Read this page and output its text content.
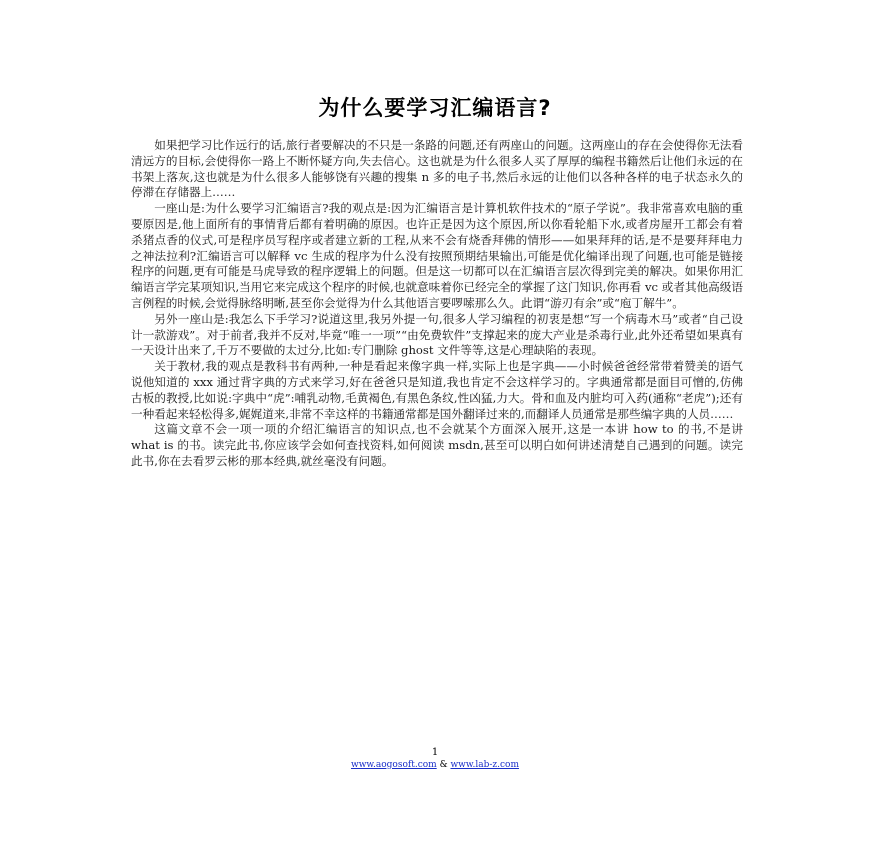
为什么要学习汇编语言?

如果把学习比作远行的话,旅行者要解决的不只是一条路的问题,还有两座山的问题。这两座山的存在会使得你无法看清远方的目标,会使得你一路上不断怀疑方向,失去信心。这也就是为什么很多人买了厚厚的编程书籍然后让他们永远的在书架上落灰,这也就是为什么很多人能够饶有兴趣的搜集 n 多的电子书,然后永远的让他们以各种各样的电子状态永久的停滞在存储器上……

一座山是:为什么要学习汇编语言?我的观点是:因为汇编语言是计算机软件技术的“原子学说”。我非常喜欢电脑的重要原因是,他上面所有的事情背后都有着明确的原因。也许正是因为这个原因,所以你看轮船下水,或者房屋开工都会有着杀猪点香的仪式,可是程序员写程序或者建立新的工程,从来不会有烧香拜佛的情形——如果拜拜的话,是不是要拜拜电力之神法拉利?汇编语言可以解释 vc 生成的程序为什么没有按照预期结果输出,可能是优化编译出现了问题,也可能是链接程序的问题,更有可能是马虎导致的程序逻辑上的问题。但是这一切都可以在汇编语言层次得到完美的解决。如果你用汇编语言学完某项知识,当用它来完成这个程序的时候,也就意味着你已经完全的掌握了这门知识,你再看 vc 或者其他高级语言例程的时候,会觉得脉络明晰,甚至你会觉得为什么其他语言要啰嗦那么久。此谓“游刃有余”或“庖丁解牛”。

另外一座山是:我怎么下手学习?说道这里,我另外提一句,很多人学习编程的初衷是想“写一个病毒木马”或者“自己设计一款游戏”。对于前者,我并不反对,毕竟“唯一一项”“由免费软件”支撑起来的庞大产业是杀毒行业,此外还希望如果真有一天设计出来了,千万不要做的太过分,比如:专门删除 ghost 文件等等,这是心理缺陷的表现。

关于教材,我的观点是教科书有两种,一种是看起来像字典一样,实际上也是字典——小时候爸爸经常带着赞美的语气说他知道的 xxx 通过背字典的方式来学习,好在爸爸只是知道,我也肯定不会这样学习的。字典通常都是面目可憎的,仿佛古板的教授,比如说:字典中“虎”:哺乳动物,毛黄褐色,有黑色条纹,性凶猛,力大。骨和血及内脏均可入药(通称“老虎”);还有一种看起来轻松得多,娓娓道来,非常不幸这样的书籍通常都是国外翻译过来的,而翻译人员通常是那些编字典的人员……

这篇文章不会一项一项的介绍汇编语言的知识点,也不会就某个方面深入展开,这是一本讲 how to 的书,不是讲 what is 的书。读完此书,你应该学会如何查找资料,如何阅读 msdn,甚至可以明白如何讲述清楚自己遇到的问题。读完此书,你在去看罗云彬的那本经典,就丝毫没有问题。

1
www.aogosoft.com & www.lab-z.com
